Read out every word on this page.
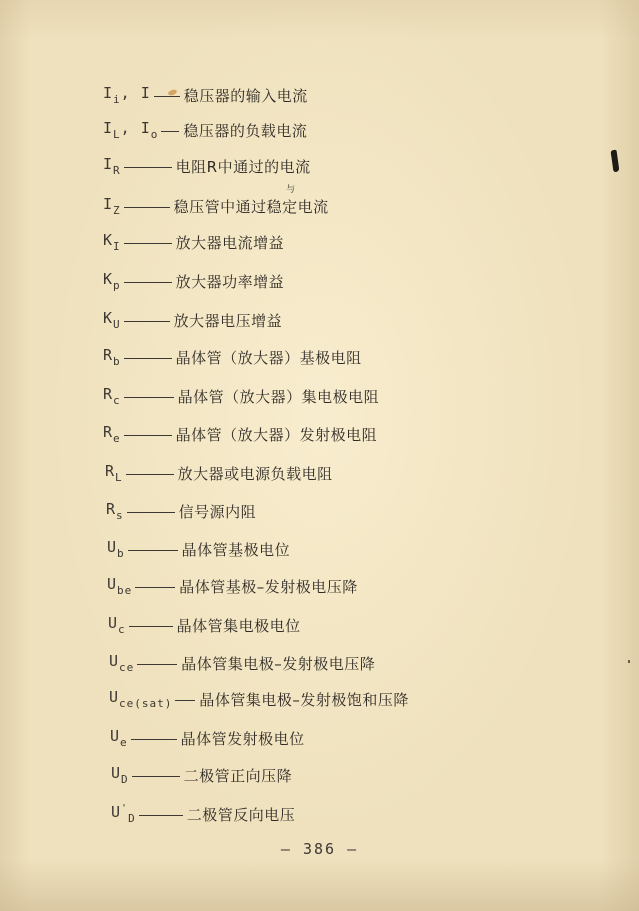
与
$I_i$, I 稳压器的输入电流
$I_L$, $I_o$ 稳压器的负载电流
$I_R$	电阻R中通过的电流
$I_Z$	稳压管中通过稳定电流
$K_I$	放大器电流增益
$K_p$	放大器功率增益
$K_U$	放大器电压增益
$R_b$	晶体管（放大器）基极电阻
$R_c$	晶体管（放大器）集电极电阻
$R_e$	晶体管（放大器）发射极电阻
$R_L$	放大器或电源负载电阻
$R_s$	信号源内阻
$U_b$	晶体管基极电位
$U_{be}$	晶体管基极–发射极电压降
$U_c$	晶体管集电极电位
$U_{ce}$	晶体管集电极–发射极电压降
$U_{ce(sat)}$ 晶体管集电极–发射极饱和压降
$U_e$	晶体管发射极电位
$U_D$	二极管正向压降
$U'_D$	二极管反向电压
— 386 —
